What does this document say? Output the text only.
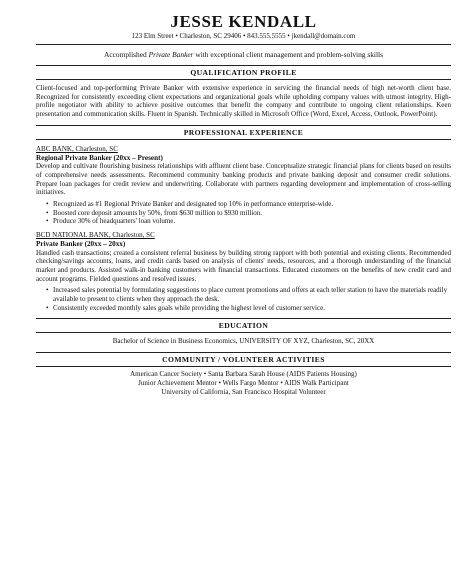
JESSE KENDALL
123 Elm Street • Charleston, SC 29406 • 843.555.5555 • jkendall@domain.com
Accomplished Private Banker with exceptional client management and problem-solving skills
QUALIFICATION PROFILE
Client-focused and top-performing Private Banker with extensive experience in servicing the financial needs of high net-worth client base. Recognized for consistently exceeding client expectations and organizational goals while upholding company values with utmost integrity. High-profile negotiator with ability to achieve positive outcomes that benefit the company and contribute to ongoing client relationships. Keen presentation and communication skills. Fluent in Spanish. Technically skilled in Microsoft Office (Word, Excel, Access, Outlook, PowerPoint).
PROFESSIONAL EXPERIENCE
ABC BANK, Charleston, SC
Regional Private Banker (20xx – Present)
Develop and cultivate flourishing business relationships with affluent client base. Conceptualize strategic financial plans for clients based on results of comprehensive needs assessments. Recommend community banking products and private banking deposit and consumer credit solutions. Prepare loan packages for credit review and underwriting. Collaborate with partners regarding development and implementation of cross-selling initiatives.
• Recognized as #1 Regional Private Banker and designated top 10% in performance enterprise-wide.
• Boosted core deposit amounts by 50%, from $630 million to $930 million.
• Produce 30% of headquarters' loan volume.
BCD NATIONAL BANK, Charleston, SC
Private Banker (20xx – 20xx)
Handled cash transactions; created a consistent referral business by building strong rapport with both potential and existing clients. Recommended checking/savings accounts, loans, and credit cards based on analysis of clients' needs, resources, and a thorough understanding of the financial market and products. Assisted walk-in banking customers with financial transactions. Educated customers on the benefits of new credit card and account programs. Fielded questions and resolved issues.
• Increased sales potential by formulating suggestions to place current promotions and offers at each teller station to have the materials readily available to present to clients when they approach the desk.
• Consistently exceeded monthly sales goals while providing the highest level of customer service.
EDUCATION
Bachelor of Science in Business Economics, UNIVERSITY OF XYZ, Charleston, SC, 20XX
COMMUNITY / VOLUNTEER ACTIVITIES
American Cancer Society • Santa Barbara Sarah House (AIDS Patients Housing)
Junior Achievement Mentor • Wells Fargo Mentor • AIDS Walk Participant
University of California, San Francisco Hospital Volunteer
